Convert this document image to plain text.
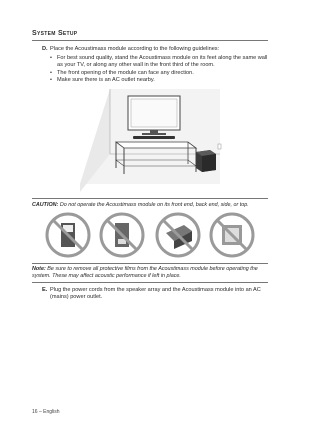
System Setup
D. Place the Acoustimass module according to the following guidelines:
• For best sound quality, stand the Acoustimass module on its feet along the same wall as your TV, or along any other wall in the front third of the room.
• The front opening of the module can face any direction.
• Make sure there is an AC outlet nearby.
CAUTION: Do not operate the Acoustimass module on its front end, back end, side, or top.
Note: Be sure to remove all protective films from the Acoustimass module before operating the system. These may affect acoustic performance if left in place.
E. Plug the power cords from the speaker array and the Acoustimass module into an AC (mains) power outlet.
16 – English
